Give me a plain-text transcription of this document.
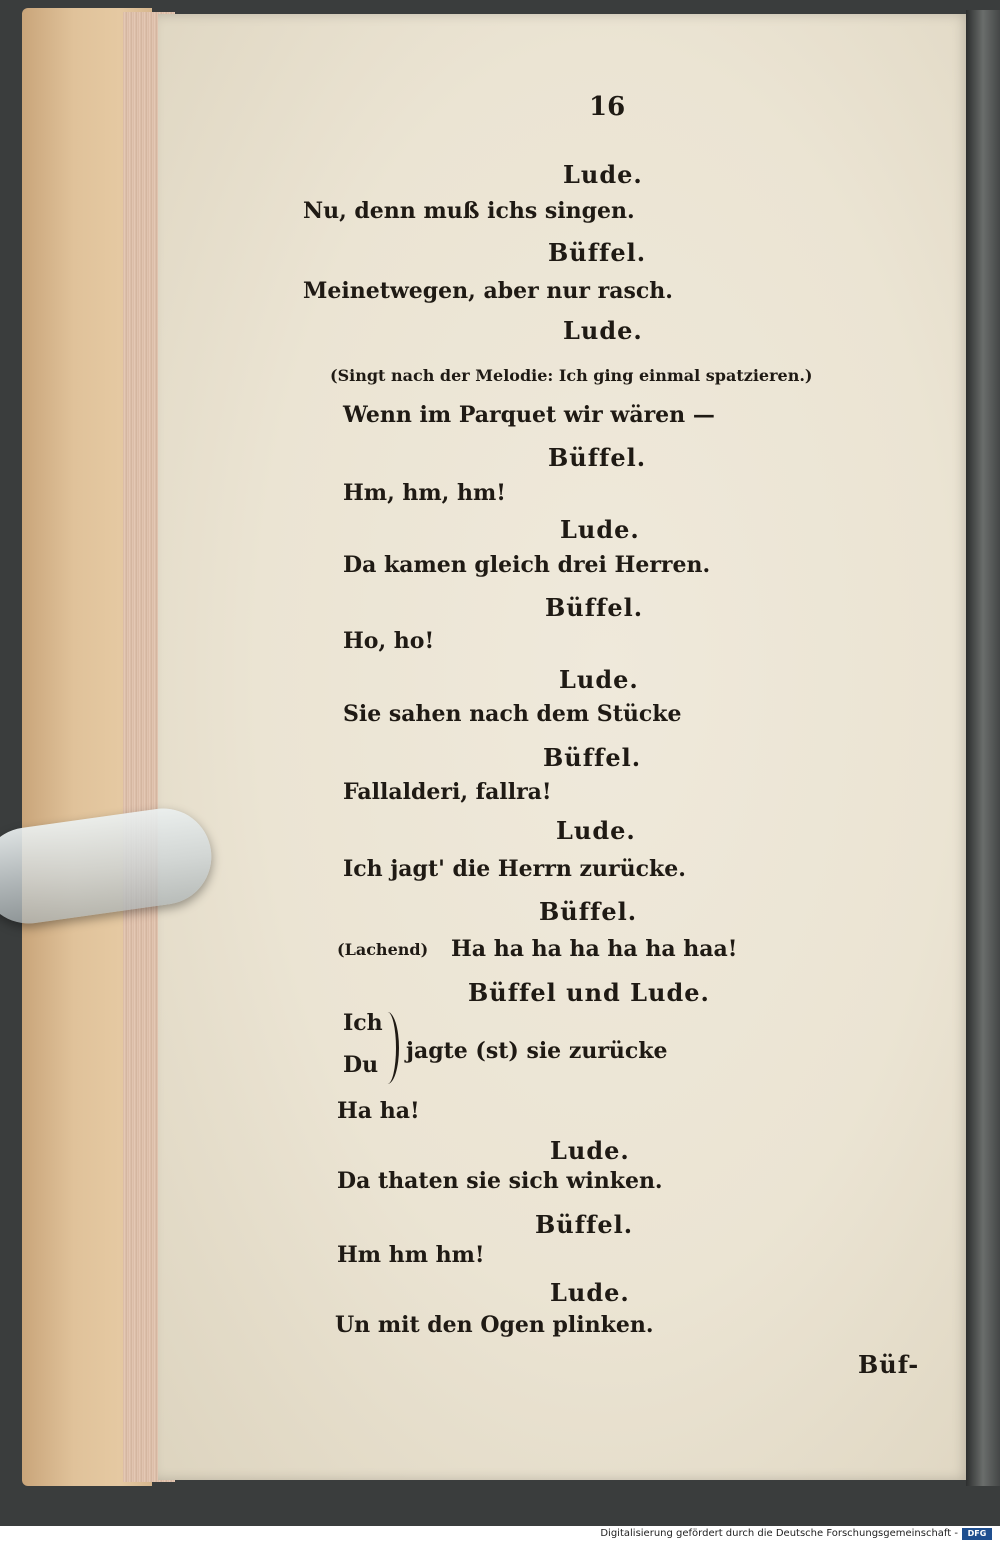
16
Lude.
Nu, denn muß ichs singen.
Büffel.
Meinetwegen, aber nur rasch.
Lude.
(Singt nach der Melodie: Ich ging einmal spatzieren.)
Wenn im Parquet wir wären —
Büffel.
Hm, hm, hm!
Lude.
Da kamen gleich drei Herren.
Büffel.
Ho, ho!
Lude.
Sie sahen nach dem Stücke
Büffel.
Fallalderi, fallra!
Lude.
Ich jagt' die Herrn zurücke.
Büffel.
(Lachend) Ha ha ha ha ha ha haa!
Büffel und Lude.
Ich
Du
jagte (st) sie zurücke
Ha ha!
Lude.
Da thaten sie sich winken.
Büffel.
Hm hm hm!
Lude.
Un mit den Ogen plinken.
Büf-
Digitalisierung gefördert durch die Deutsche Forschungsgemeinschaft -	DFG
